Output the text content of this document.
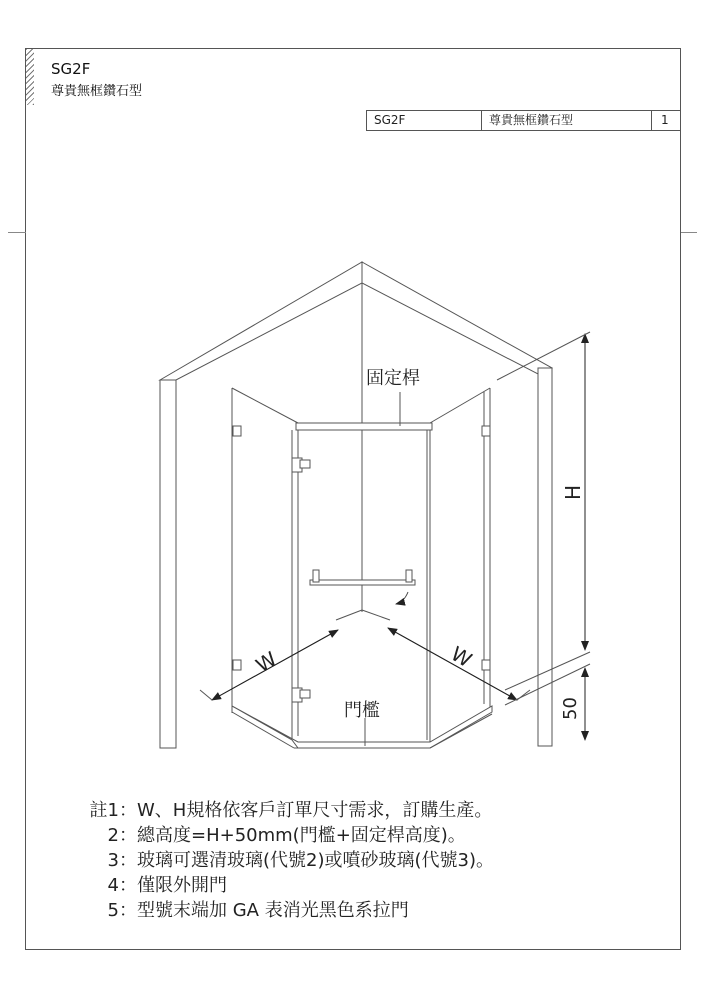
SG2F
尊貴無框鑽石型
SG2F	尊貴無框鑽石型	1
固定桿
門檻
W	W
H
50
註1：W、H規格依客戶訂單尺寸需求，訂購生產。
2：總高度=H+50mm(門檻+固定桿高度)。
3：玻璃可選清玻璃(代號2)或噴砂玻璃(代號3)。
4：僅限外開門
5：型號末端加 GA 表消光黑色系拉門
